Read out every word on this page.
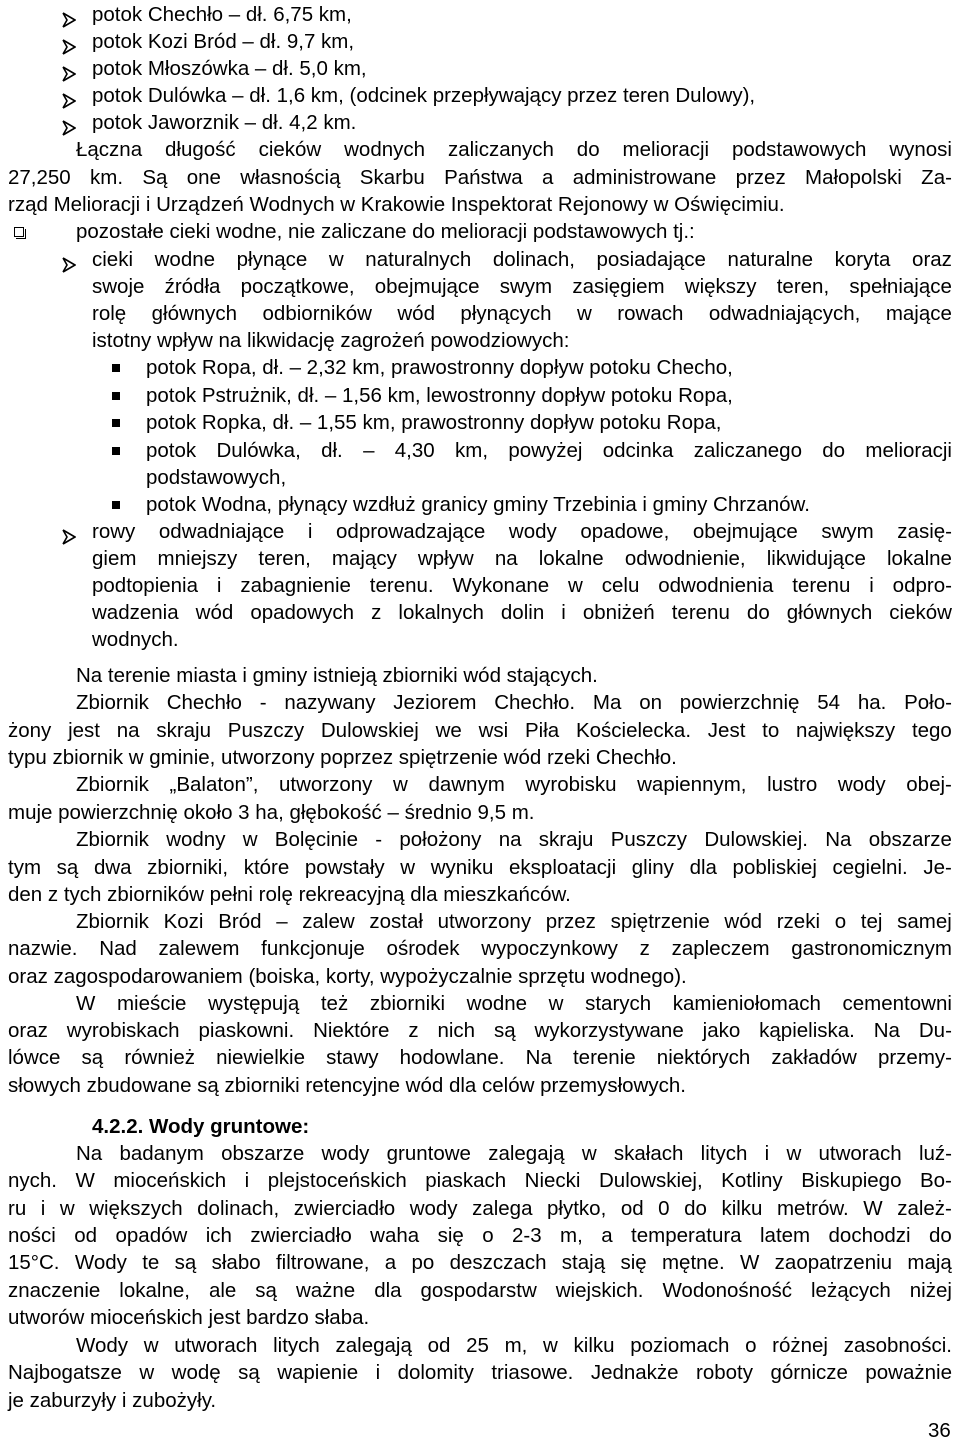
potok Chechło – dł. 6,75 km,
potok Kozi Bród – dł. 9,7 km,
potok Młoszówka – dł. 5,0 km,
potok Dulówka – dł. 1,6 km, (odcinek przepływający przez teren Dulowy),
potok Jaworznik – dł. 4,2 km.
Łączna długość cieków wodnych zaliczanych do melioracji podstawowych wynosi
27,250 km. Są one własnością Skarbu Państwa a administrowane przez Małopolski Za-
rząd Melioracji i Urządzeń Wodnych w Krakowie Inspektorat Rejonowy w Oświęcimiu.
pozostałe cieki wodne, nie zaliczane do melioracji podstawowych tj.:
cieki wodne płynące w naturalnych dolinach, posiadające naturalne koryta oraz
swoje źródła początkowe, obejmujące swym zasięgiem większy teren, spełniające
rolę głównych odbiorników wód płynących w rowach odwadniających, mające
istotny wpływ na likwidację zagrożeń powodziowych:
potok Ropa, dł. – 2,32 km, prawostronny dopływ potoku Checho,
potok Pstrużnik, dł. – 1,56 km, lewostronny dopływ potoku Ropa,
potok Ropka, dł. – 1,55 km, prawostronny dopływ potoku Ropa,
potok Dulówka, dł. – 4,30 km, powyżej odcinka zaliczanego do melioracji
podstawowych,
potok Wodna, płynący wzdłuż granicy gminy Trzebinia i gminy Chrzanów.
rowy odwadniające i odprowadzające wody opadowe, obejmujące swym zasię-
giem mniejszy teren, mający wpływ na lokalne odwodnienie, likwidujące lokalne
podtopienia i zabagnienie terenu. Wykonane w celu odwodnienia terenu i odpro-
wadzenia wód opadowych z lokalnych dolin i obniżeń terenu do głównych cieków
wodnych.
Na terenie miasta i gminy istnieją zbiorniki wód stających.
Zbiornik Chechło - nazywany Jeziorem Chechło. Ma on powierzchnię 54 ha. Poło-
żony jest na skraju Puszczy Dulowskiej we wsi Piła Kościelecka. Jest to największy tego
typu zbiornik w gminie, utworzony poprzez spiętrzenie wód rzeki Chechło.
Zbiornik „Balaton”, utworzony w dawnym wyrobisku wapiennym, lustro wody obej-
muje powierzchnię około 3 ha, głębokość – średnio 9,5 m.
Zbiornik wodny w Bolęcinie - położony na skraju Puszczy Dulowskiej. Na obszarze
tym są dwa zbiorniki, które powstały w wyniku eksploatacji gliny dla pobliskiej cegielni. Je-
den z tych zbiorników pełni rolę rekreacyjną dla mieszkańców.
Zbiornik Kozi Bród – zalew został utworzony przez spiętrzenie wód rzeki o tej samej
nazwie. Nad zalewem funkcjonuje ośrodek wypoczynkowy z zapleczem gastronomicznym
oraz zagospodarowaniem (boiska, korty, wypożyczalnie sprzętu wodnego).
W mieście występują też zbiorniki wodne w starych kamieniołomach cementowni
oraz wyrobiskach piaskowni. Niektóre z nich są wykorzystywane jako kąpieliska. Na Du-
lówce są również niewielkie stawy hodowlane. Na terenie niektórych zakładów przemy-
słowych zbudowane są zbiorniki retencyjne wód dla celów przemysłowych.
4.2.2. Wody gruntowe:
Na badanym obszarze wody gruntowe zalegają w skałach litych i w utworach luź-
nych. W mioceńskich i plejstoceńskich piaskach Niecki Dulowskiej, Kotliny Biskupiego Bo-
ru i w większych dolinach, zwierciadło wody zalega płytko, od 0 do kilku metrów. W zależ-
ności od opadów ich zwierciadło waha się o 2-3 m, a temperatura latem dochodzi do
15°C. Wody te są słabo filtrowane, a po deszczach stają się mętne. W zaopatrzeniu mają
znaczenie lokalne, ale są ważne dla gospodarstw wiejskich. Wodonośność leżących niżej
utworów mioceńskich jest bardzo słaba.
Wody w utworach litych zalegają od 25 m, w kilku poziomach o różnej zasobności.
Najbogatsze w wodę są wapienie i dolomity triasowe. Jednakże roboty górnicze poważnie
je zaburzyły i zubożyły.
36
